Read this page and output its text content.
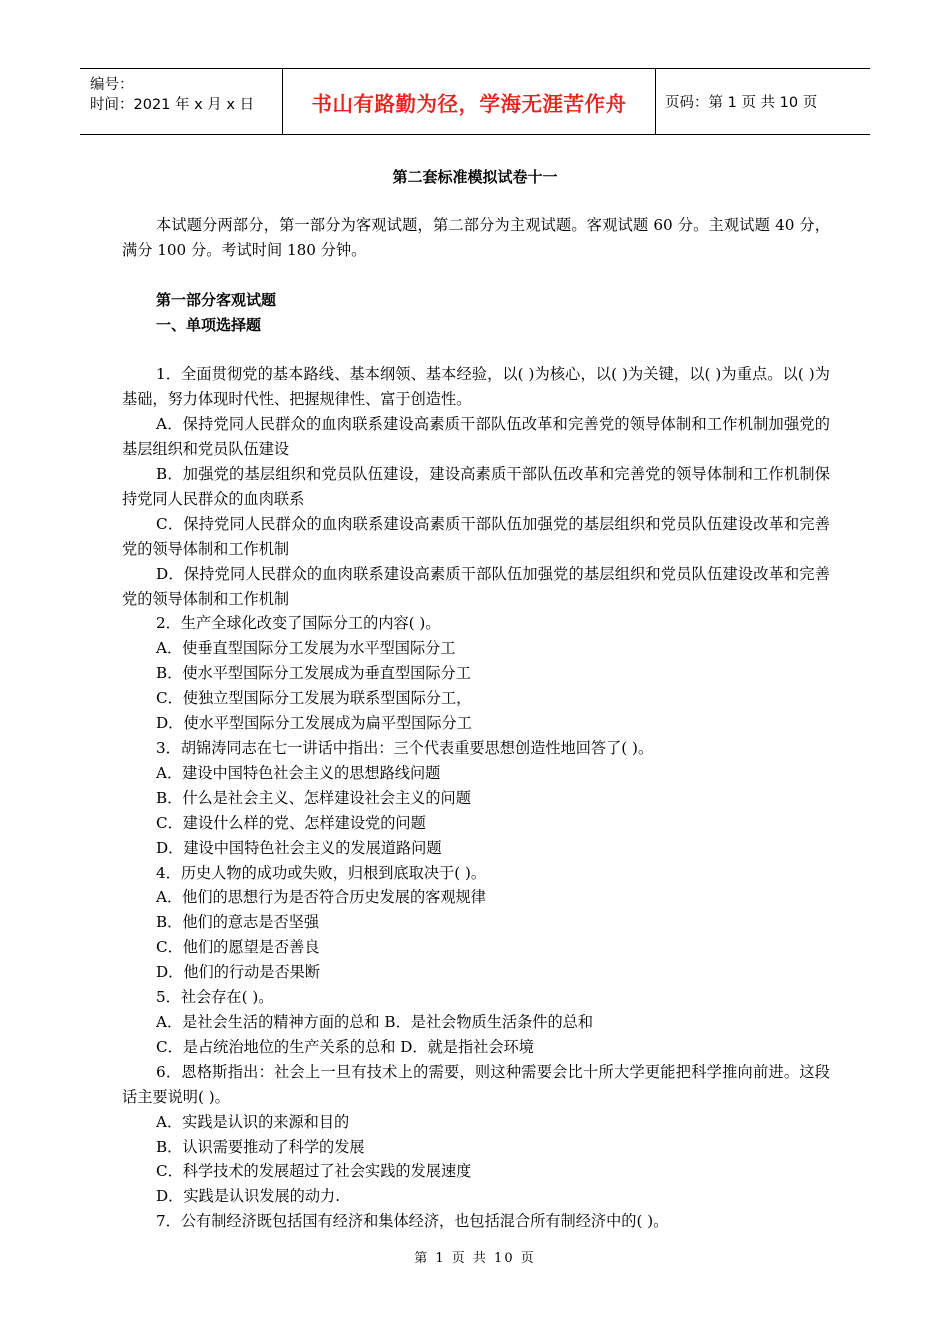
编号：
时间：2021 年 x 月 x 日	书山有路勤为径，学海无涯苦作舟	页码：第 1 页 共 10 页
第二套标准模拟试卷十一

本试题分两部分，第一部分为客观试题，第二部分为主观试题。客观试题 60 分。主观试题 40 分，满分 100 分。考试时间 180 分钟。

第一部分客观试题

一、单项选择题

1．全面贯彻党的基本路线、基本纲领、基本经验，以( )为核心，以( )为关键，以( )为重点。以( )为基础，努力体现时代性、把握规律性、富于创造性。

A．保持党同人民群众的血肉联系建设高素质干部队伍改革和完善党的领导体制和工作机制加强党的基层组织和党员队伍建设

B．加强党的基层组织和党员队伍建设，建设高素质干部队伍改革和完善党的领导体制和工作机制保持党同人民群众的血肉联系

C．保持党同人民群众的血肉联系建设高素质干部队伍加强党的基层组织和党员队伍建设改革和完善党的领导体制和工作机制

D．保持党同人民群众的血肉联系建设高素质干部队伍加强党的基层组织和党员队伍建设改革和完善党的领导体制和工作机制

2．生产全球化改变了国际分工的内容( )。

A．使垂直型国际分工发展为水平型国际分工

B．使水平型国际分工发展成为垂直型国际分工

C．使独立型国际分工发展为联系型国际分工，

D．使水平型国际分工发展成为扁平型国际分工

3．胡锦涛同志在七一讲话中指出：三个代表重要思想创造性地回答了( )。

A．建设中国特色社会主义的思想路线问题

B．什么是社会主义、怎样建设社会主义的问题

C．建设什么样的党、怎样建设党的问题

D．建设中国特色社会主义的发展道路问题

4．历史人物的成功或失败，归根到底取决于( )。

A．他们的思想行为是否符合历史发展的客观规律

B．他们的意志是否坚强

C．他们的愿望是否善良

D．他们的行动是否果断

5．社会存在( )。

A．是社会生活的精神方面的总和 B．是社会物质生活条件的总和

C．是占统治地位的生产关系的总和 D．就是指社会环境

6．恩格斯指出：社会上一旦有技术上的需要，则这种需要会比十所大学更能把科学推向前进。这段话主要说明( )。

A．实践是认识的来源和目的

B．认识需要推动了科学的发展

C．科学技术的发展超过了社会实践的发展速度

D．实践是认识发展的动力.

7．公有制经济既包括国有经济和集体经济，也包括混合所有制经济中的( )。

第 1 页 共 10 页
